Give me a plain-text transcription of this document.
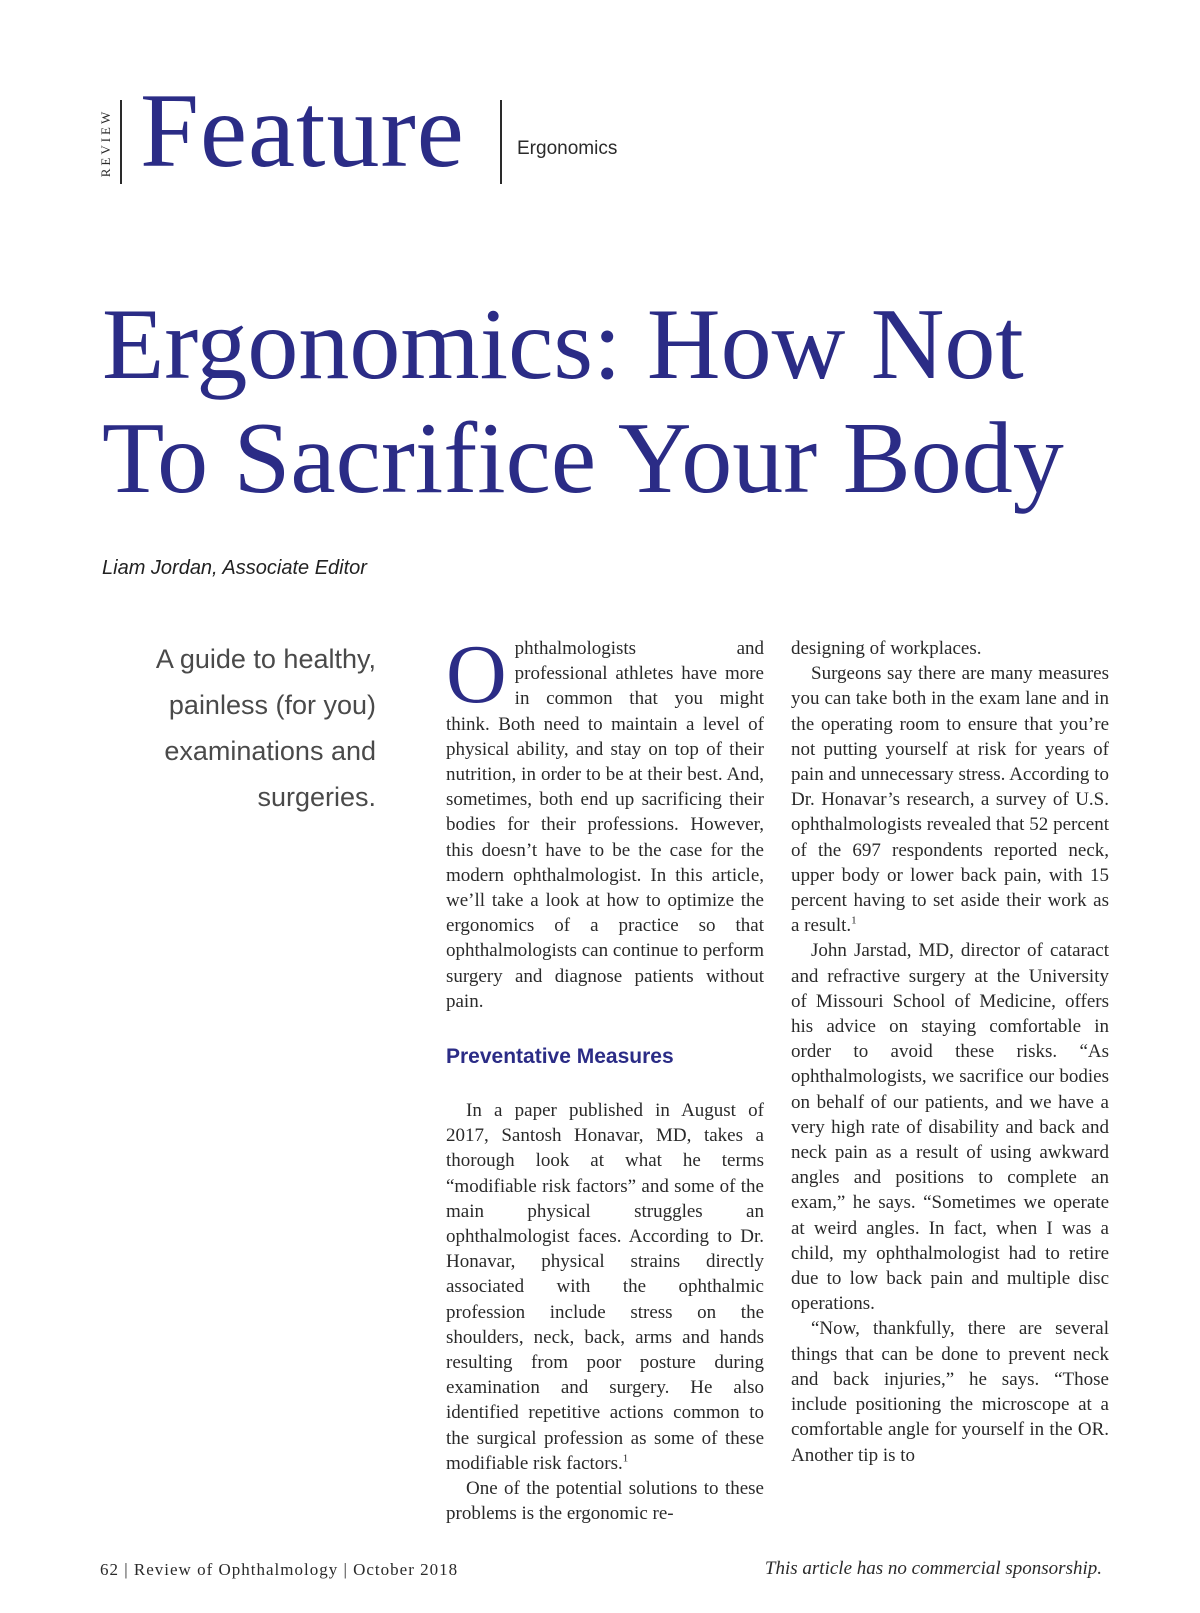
REVIEW Feature	Ergonomics
Ergonomics: How Not
To Sacrifice Your Body
Liam Jordan, Associate Editor
A guide to healthy, painless (for you) examinations and surgeries.

Ophthalmologists and professional athletes have more in common that you might think. Both need to maintain a level of physical ability, and stay on top of their nutrition, in order to be at their best. And, sometimes, both end up sacrificing their bodies for their professions. However, this doesn’t have to be the case for the modern ophthalmologist. In this article, we’ll take a look at how to optimize the ergonomics of a practice so that ophthalmologists can continue to perform surgery and diagnose patients without pain.

Preventative Measures

In a paper published in August of 2017, Santosh Honavar, MD, takes a thorough look at what he terms “modifiable risk factors” and some of the main physical struggles an ophthalmologist faces. According to Dr. Honavar, physical strains directly associated with the ophthalmic profession include stress on the shoulders, neck, back, arms and hands resulting from poor posture during examination and surgery. He also identified repetitive actions common to the surgical profession as some of these modifiable risk factors.$^1$

One of the potential solutions to these problems is the ergonomic re-

designing of workplaces.

Surgeons say there are many measures you can take both in the exam lane and in the operating room to ensure that you’re not putting yourself at risk for years of pain and unnecessary stress. According to Dr. Honavar’s research, a survey of U.S. ophthalmologists revealed that 52 percent of the 697 respondents reported neck, upper body or lower back pain, with 15 percent having to set aside their work as a result.$^1$

John Jarstad, MD, director of cataract and refractive surgery at the University of Missouri School of Medicine, offers his advice on staying comfortable in order to avoid these risks. “As ophthalmologists, we sacrifice our bodies on behalf of our patients, and we have a very high rate of disability and back and neck pain as a result of using awkward angles and positions to complete an exam,” he says. “Sometimes we operate at weird angles. In fact, when I was a child, my ophthalmologist had to retire due to low back pain and multiple disc operations.

“Now, thankfully, there are several things that can be done to prevent neck and back injuries,” he says. “Those include positioning the microscope at a comfortable angle for yourself in the OR. Another tip is to

62 | Review of Ophthalmology | October 2018	This article has no commercial sponsorship.
